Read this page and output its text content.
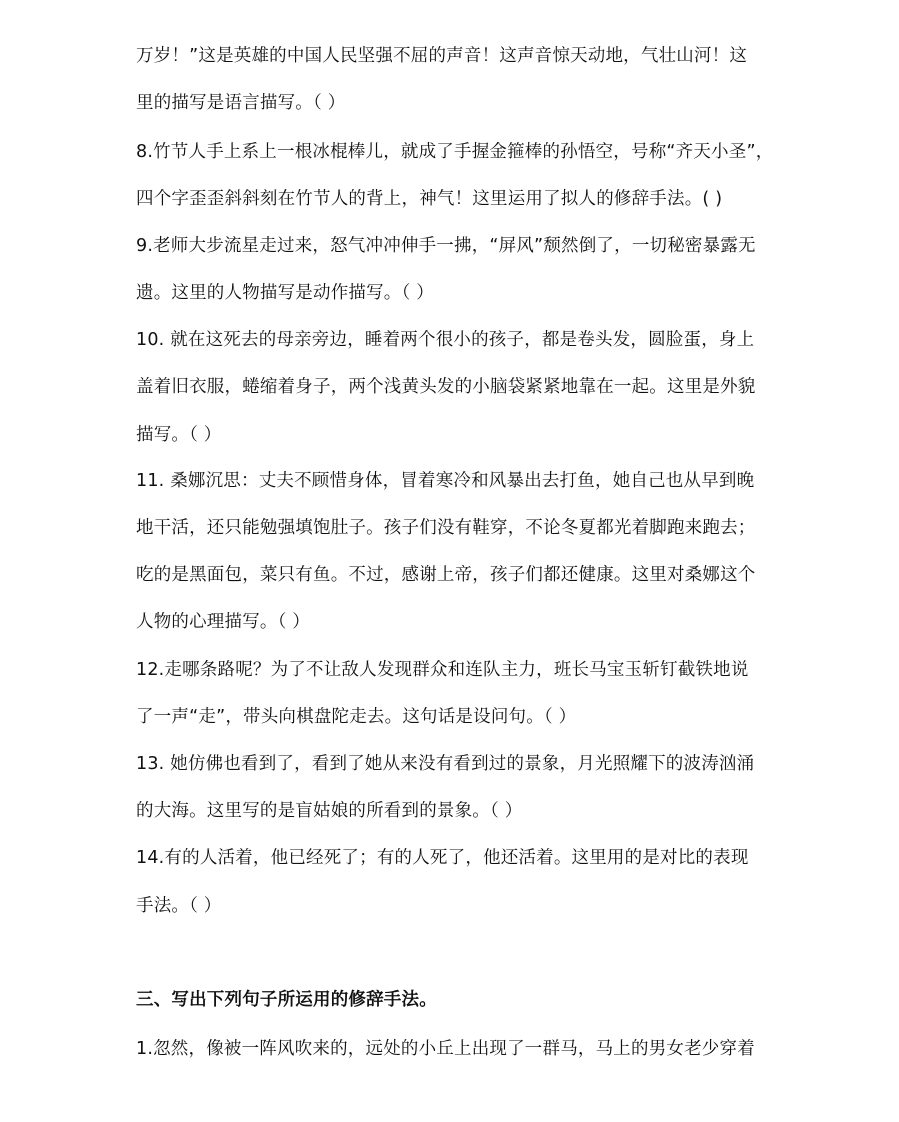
万岁！”这是英雄的中国人民坚强不屈的声音！这声音惊天动地，气壮山河！这
里的描写是语言描写。（ ）
8.竹节人手上系上一根冰棍棒儿，就成了手握金箍棒的孙悟空，号称“齐天小圣”，
四个字歪歪斜斜刻在竹节人的背上，神气！这里运用了拟人的修辞手法。( )
9.老师大步流星走过来，怒气冲冲伸手一拂，“屏风”颓然倒了，一切秘密暴露无
遗。这里的人物描写是动作描写。（ ）
10. 就在这死去的母亲旁边，睡着两个很小的孩子，都是卷头发，圆脸蛋，身上
盖着旧衣服，蜷缩着身子，两个浅黄头发的小脑袋紧紧地靠在一起。这里是外貌
描写。（ ）
11. 桑娜沉思：丈夫不顾惜身体，冒着寒冷和风暴出去打鱼，她自己也从早到晚
地干活，还只能勉强填饱肚子。孩子们没有鞋穿，不论冬夏都光着脚跑来跑去；
吃的是黑面包，菜只有鱼。不过，感谢上帝，孩子们都还健康。这里对桑娜这个
人物的心理描写。（ ）
12.走哪条路呢？为了不让敌人发现群众和连队主力，班长马宝玉斩钉截铁地说
了一声“走”，带头向棋盘陀走去。这句话是设问句。（ ）
13. 她仿佛也看到了，看到了她从来没有看到过的景象，月光照耀下的波涛汹涌
的大海。这里写的是盲姑娘的所看到的景象。（ ）
14.有的人活着，他已经死了；有的人死了，他还活着。这里用的是对比的表现
手法。（ ）
三、写出下列句子所运用的修辞手法。
1.忽然，像被一阵风吹来的，远处的小丘上出现了一群马，马上的男女老少穿着
